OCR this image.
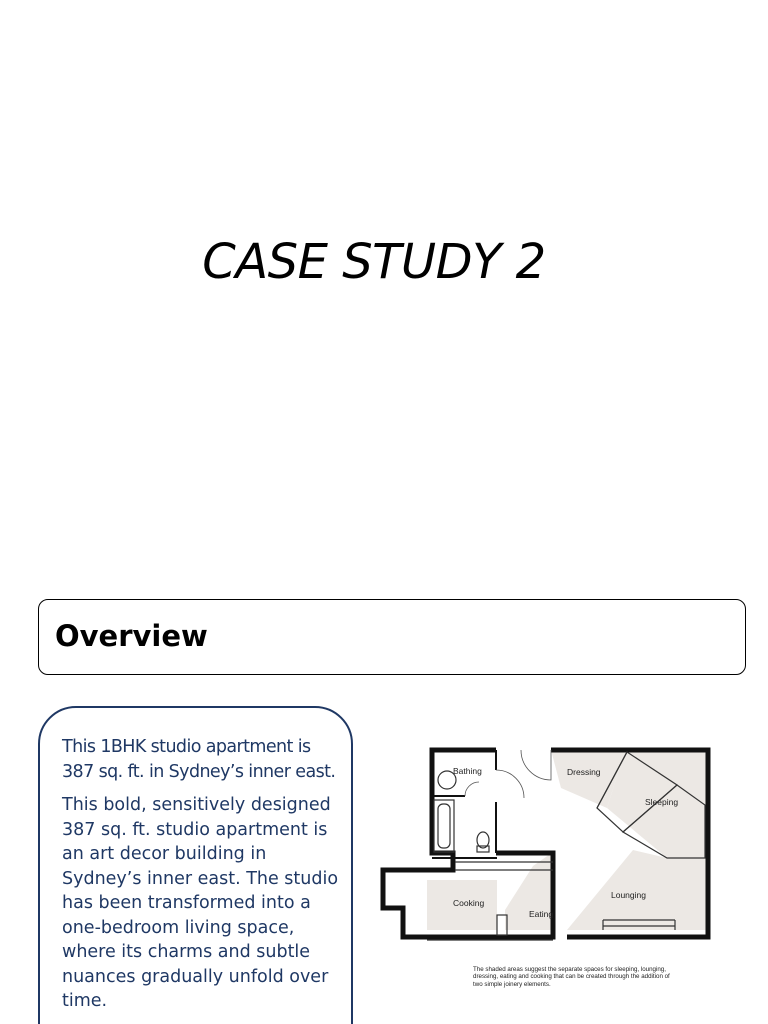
CASE STUDY 2
Overview

This 1BHK studio apartment is 387 sq. ft. in Sydney’s inner east.

This bold, sensitively designed 387 sq. ft. studio apartment is an art decor building in Sydney’s inner east. The studio has been transformed into a one-bedroom living space, where its charms and subtle nuances gradually unfold over time.

Bathing	Dressing
Sleeping
Lounging
Cooking
Eating
The shaded areas suggest the separate spaces for sleeping, lounging, dressing, eating and cooking that can be created through the addition of two simple joinery elements.
